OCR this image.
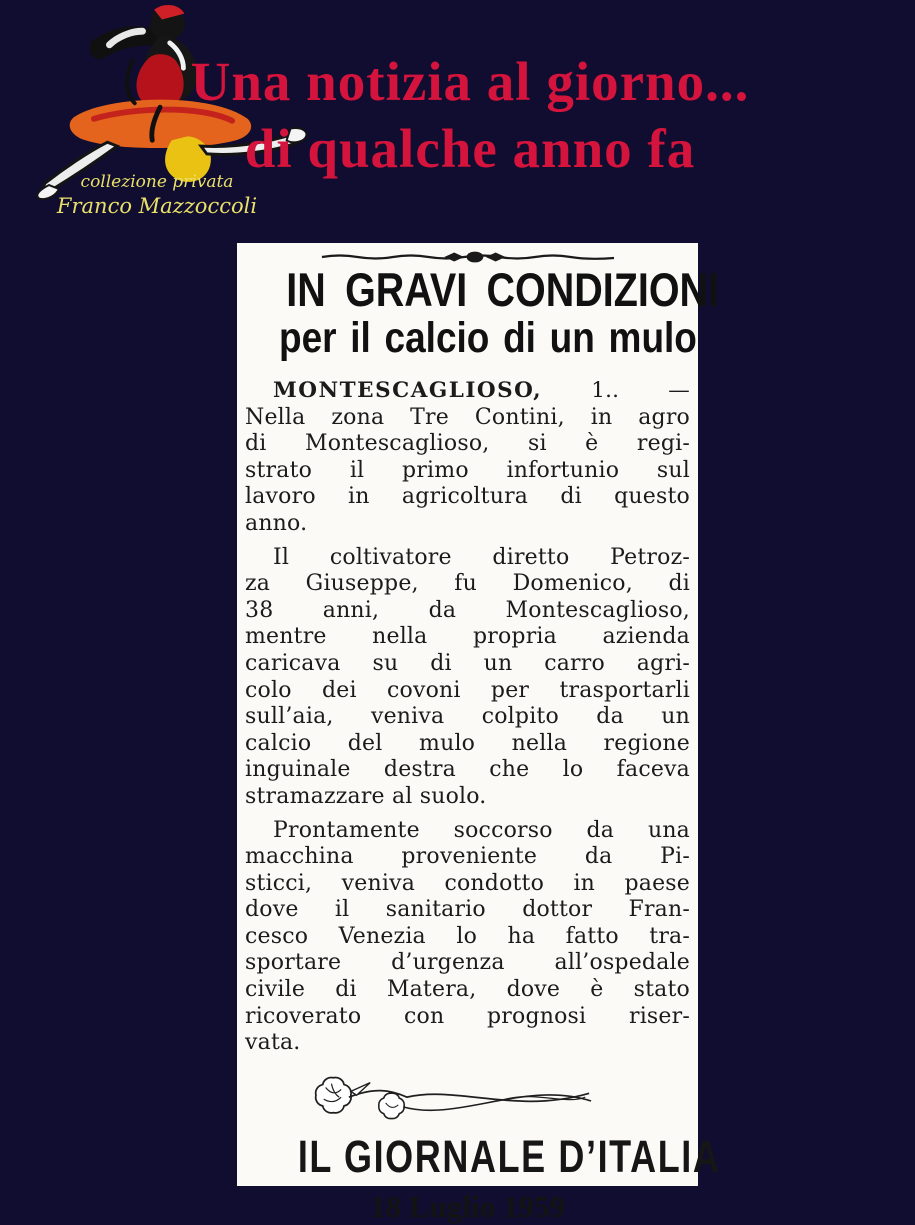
collezione privata
Franco Mazzoccoli
Una notizia al giorno...
di qualche anno fa
IN GRAVI CONDIZIONI
per il calcio di un mulo
MONTESCAGLIOSO, 1.. —
Nella zona Tre Contini, in agro
di Montescaglioso, si è regi-
strato il primo infortunio sul
lavoro in agricoltura di questo
anno.
Il coltivatore diretto Petroz-
za Giuseppe, fu Domenico, di
38 anni, da Montescaglioso,
mentre nella propria azienda
caricava su di un carro agri-
colo dei covoni per trasportarli
sull’aia, veniva colpito da un
calcio del mulo nella regione
inguinale destra che lo faceva
stramazzare al suolo.
Prontamente soccorso da una
macchina proveniente da Pi-
sticci, veniva condotto in paese
dove il sanitario dottor Fran-
cesco Venezia lo ha fatto tra-
sportare d’urgenza all’ospedale
civile di Matera, dove è stato
ricoverato con prognosi riser-
vata.
IL GIORNALE D’ITALIA
18 Luglio 1959
